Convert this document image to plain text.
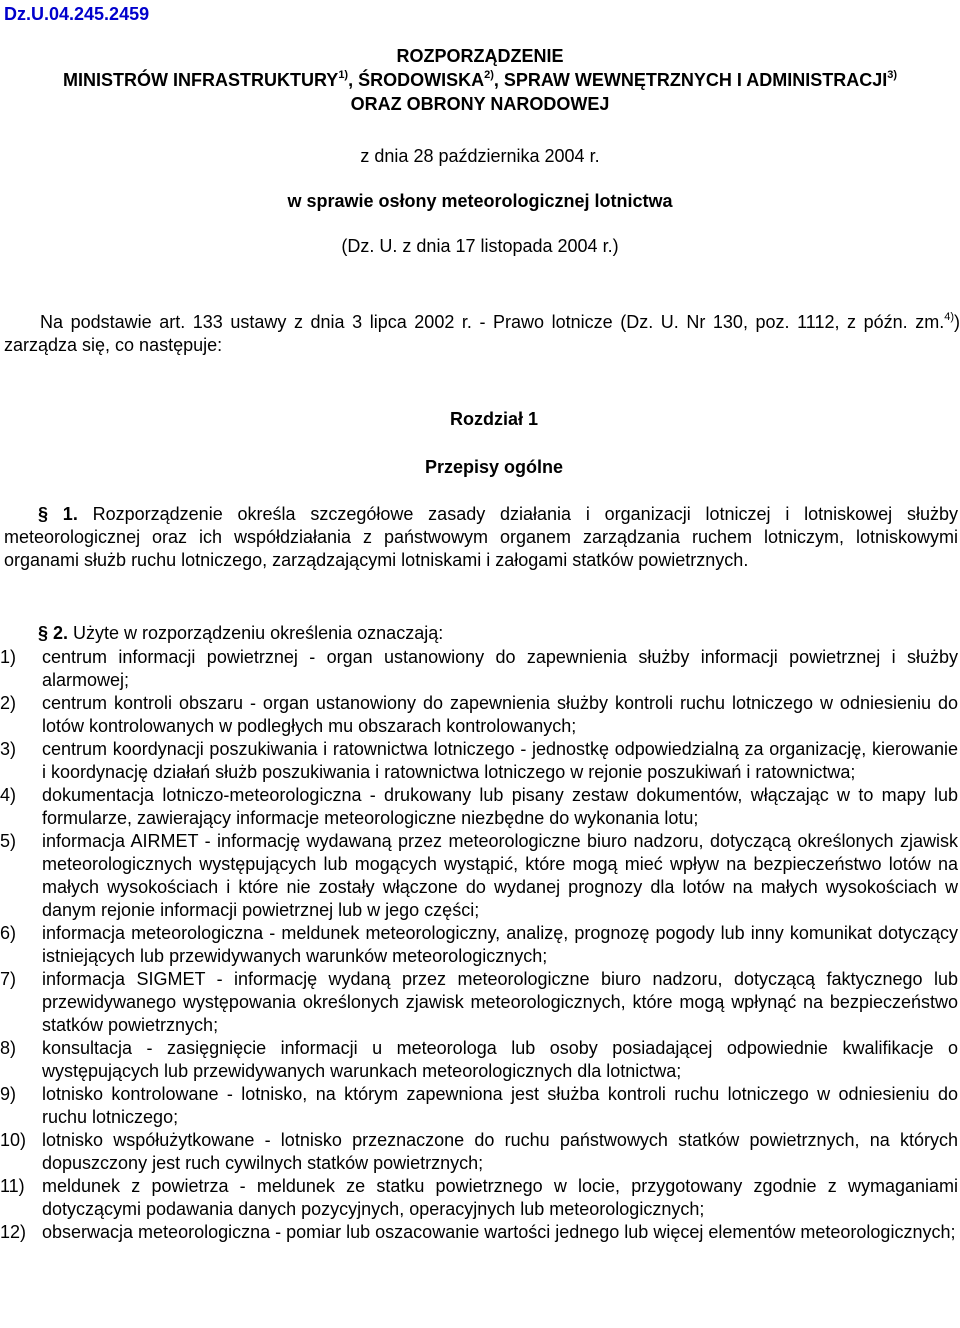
Dz.U.04.245.2459
ROZPORZĄDZENIE
MINISTRÓW INFRASTRUKTURY$^{1)}$, ŚRODOWISKA$^{2)}$, SPRAW WEWNĘTRZNYCH I ADMINISTRACJI$^{3)}$
ORAZ OBRONY NARODOWEJ
z dnia 28 października 2004 r.
w sprawie osłony meteorologicznej lotnictwa
(Dz. U. z dnia 17 listopada 2004 r.)
Na podstawie art. 133 ustawy z dnia 3 lipca 2002 r. - Prawo lotnicze (Dz. U. Nr 130, poz. 1112, z późn. zm.$^{4)}$) zarządza się, co następuje:
Rozdział 1
Przepisy ogólne
§ 1. Rozporządzenie określa szczegółowe zasady działania i organizacji lotniczej i lotniskowej służby meteorologicznej oraz ich współdziałania z państwowym organem zarządzania ruchem lotniczym, lotniskowymi organami służb ruchu lotniczego, zarządzającymi lotniskami i załogami statków powietrznych.
§ 2. Użyte w rozporządzeniu określenia oznaczają:
1)	centrum informacji powietrznej - organ ustanowiony do zapewnienia służby informacji powietrznej i służby alarmowej;
2)	centrum kontroli obszaru - organ ustanowiony do zapewnienia służby kontroli ruchu lotniczego w odniesieniu do lotów kontrolowanych w podległych mu obszarach kontrolowanych;
3)	centrum koordynacji poszukiwania i ratownictwa lotniczego - jednostkę odpowiedzialną za organizację, kierowanie i koordynację działań służb poszukiwania i ratownictwa lotniczego w rejonie poszukiwań i ratownictwa;
4)	dokumentacja lotniczo-meteorologiczna - drukowany lub pisany zestaw dokumentów, włączając w to mapy lub formularze, zawierający informacje meteorologiczne niezbędne do wykonania lotu;
5)	informacja AIRMET - informację wydawaną przez meteorologiczne biuro nadzoru, dotyczącą określonych zjawisk meteorologicznych występujących lub mogących wystąpić, które mogą mieć wpływ na bezpieczeństwo lotów na małych wysokościach i które nie zostały włączone do wydanej prognozy dla lotów na małych wysokościach w danym rejonie informacji powietrznej lub w jego części;
6)	informacja meteorologiczna - meldunek meteorologiczny, analizę, prognozę pogody lub inny komunikat dotyczący istniejących lub przewidywanych warunków meteorologicznych;
7)	informacja SIGMET - informację wydaną przez meteorologiczne biuro nadzoru, dotyczącą faktycznego lub przewidywanego występowania określonych zjawisk meteorologicznych, które mogą wpłynąć na bezpieczeństwo statków powietrznych;
8)	konsultacja - zasięgnięcie informacji u meteorologa lub osoby posiadającej odpowiednie kwalifikacje o występujących lub przewidywanych warunkach meteorologicznych dla lotnictwa;
9)	lotnisko kontrolowane - lotnisko, na którym zapewniona jest służba kontroli ruchu lotniczego w odniesieniu do ruchu lotniczego;
10) lotnisko współużytkowane - lotnisko przeznaczone do ruchu państwowych statków powietrznych, na których dopuszczony jest ruch cywilnych statków powietrznych;
11) meldunek z powietrza - meldunek ze statku powietrznego w locie, przygotowany zgodnie z wymaganiami dotyczącymi podawania danych pozycyjnych, operacyjnych lub meteorologicznych;
12) obserwacja meteorologiczna - pomiar lub oszacowanie wartości jednego lub więcej elementów meteorologicznych;
